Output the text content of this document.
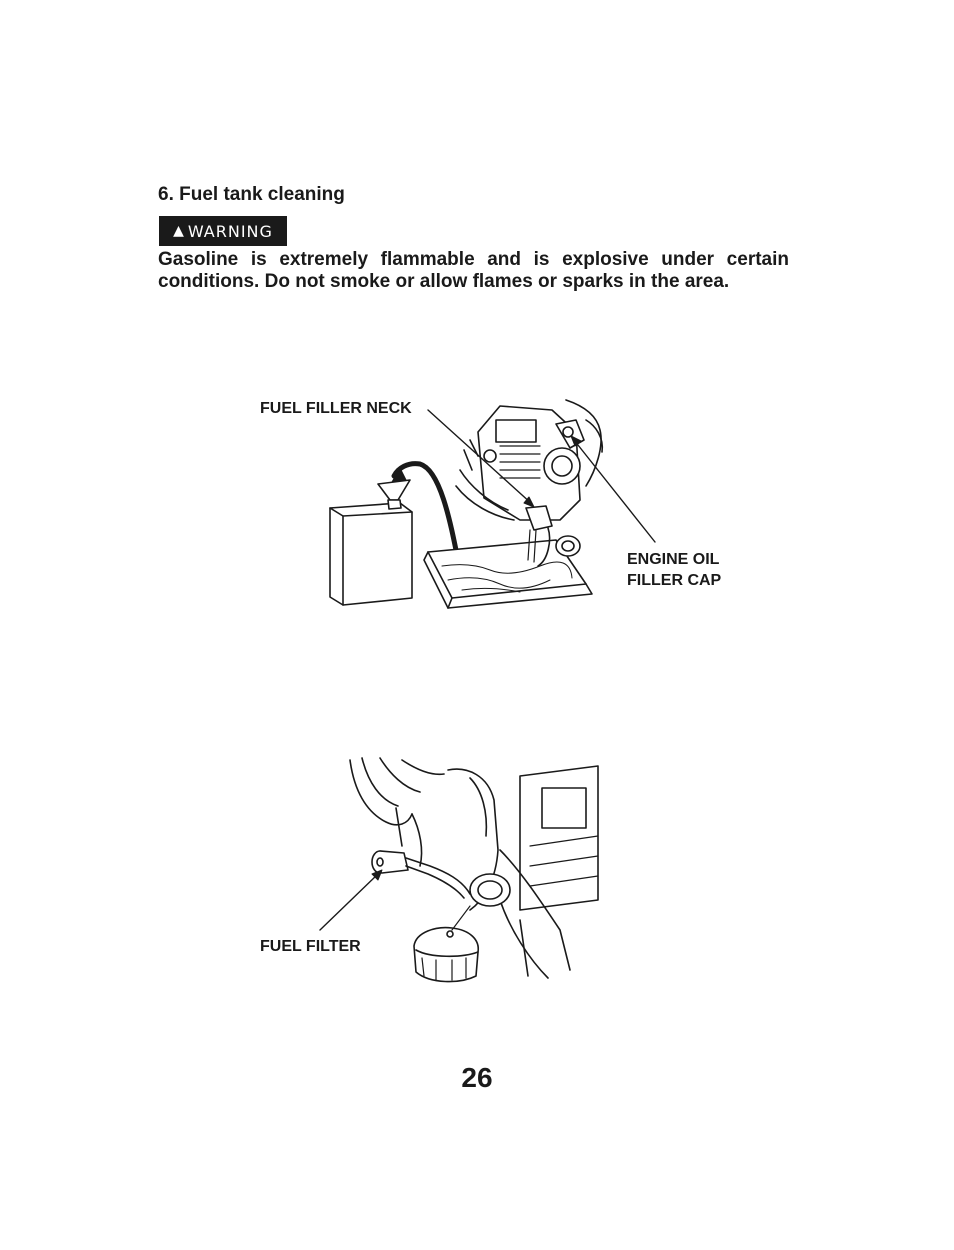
6. Fuel tank cleaning
▲ WARNING

Gasoline is extremely flammable and is explosive under certain conditions. Do not smoke or allow flames or sparks in the area.

FUEL FILLER NECK

ENGINE OIL

FILLER CAP

FUEL FILTER

26
